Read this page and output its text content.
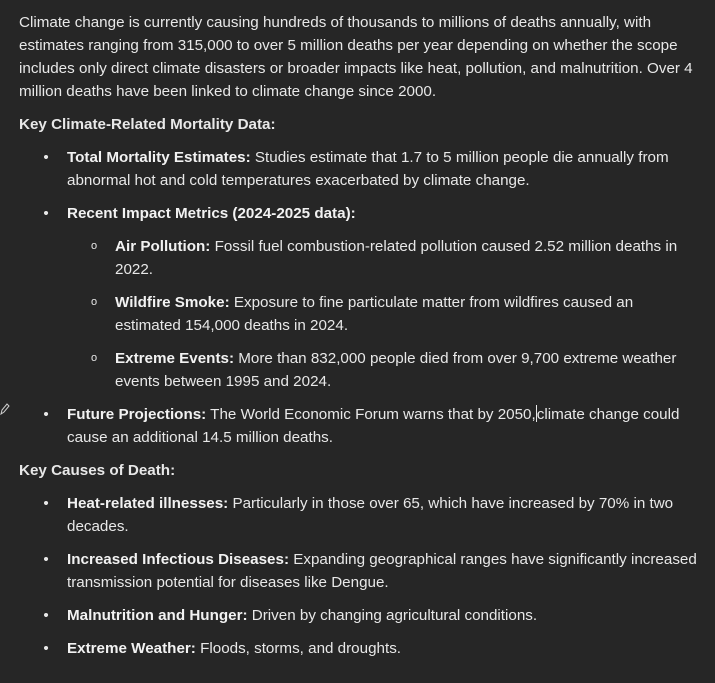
Climate change is currently causing hundreds of thousands to millions of deaths annually, with estimates ranging from 315,000 to over 5 million deaths per year depending on whether the scope includes only direct climate disasters or broader impacts like heat, pollution, and malnutrition. Over 4 million deaths have been linked to climate change since 2000.

Key Climate-Related Mortality Data:

• Total Mortality Estimates: Studies estimate that 1.7 to 5 million people die annually from abnormal hot and cold temperatures exacerbated by climate change.
• Recent Impact Metrics (2024-2025 data):
o Air Pollution: Fossil fuel combustion-related pollution caused 2.52 million deaths in 2022.
o Wildfire Smoke: Exposure to fine particulate matter from wildfires caused an estimated 154,000 deaths in 2024.
o Extreme Events: More than 832,000 people died from over 9,700 extreme weather events between 1995 and 2024.
• Future Projections: The World Economic Forum warns that by 2050,climate change could cause an additional 14.5 million deaths.

Key Causes of Death:

• Heat-related illnesses: Particularly in those over 65, which have increased by 70% in two decades.
• Increased Infectious Diseases: Expanding geographical ranges have significantly increased transmission potential for diseases like Dengue.
• Malnutrition and Hunger: Driven by changing agricultural conditions.
• Extreme Weather: Floods, storms, and droughts.
